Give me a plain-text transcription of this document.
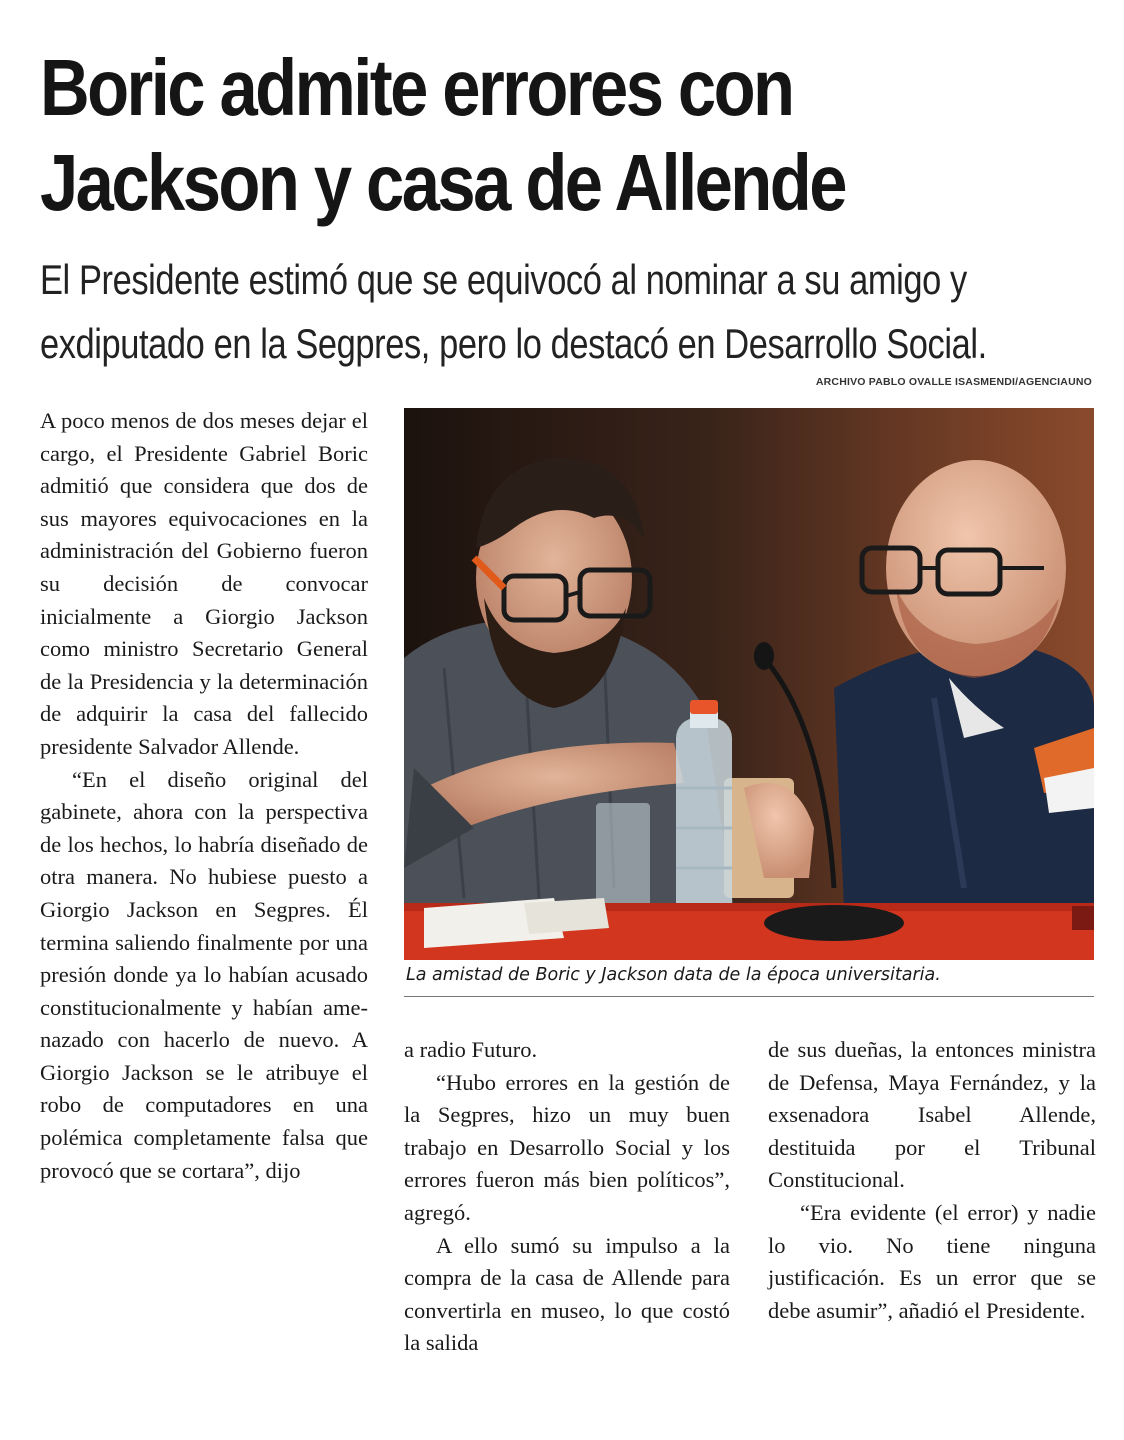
Boric admite errores con
Jackson y casa de Allende
El Presidente estimó que se equivocó al nominar a su amigo y
exdiputado en la Segpres, pero lo destacó en Desarrollo Social.
ARCHIVO PABLO OVALLE ISASMENDI/AGENCIAUNO

A poco menos de dos meses dejar el cargo, el Presidente Gabriel Boric admitió que considera que dos de sus mayores equivocaciones en la administración del Gobierno fueron su decisión de convocar inicialmente a Giorgio Jackson como ministro Secretario General de la Presidencia y la determinación de adquirir la casa del fallecido presidente Salvador Allende.

“En el diseño original del gabinete, ahora con la perspectiva de los hechos, lo habría diseñado de otra manera. No hubiese puesto a Giorgio Jackson en Segpres. Él termina saliendo finalmente por una presión donde ya lo habían acusado constitucionalmente y habían amenazado con hacerlo de nuevo. A Giorgio Jackson se le atribuye el robo de computadores en una polémica completamente falsa que provocó que se cortara”, dijo

La amistad de Boric y Jackson data de la época universitaria.

a radio Futuro.

“Hubo errores en la gestión de la Segpres, hizo un muy buen trabajo en Desarrollo Social y los errores fueron más bien políticos”, agregó.

A ello sumó su impulso a la compra de la casa de Allende para convertirla en museo, lo que costó la salida

de sus dueñas, la entonces ministra de Defensa, Maya Fernández, y la exsenadora Isabel Allende, destituida por el Tribunal Constitucional.

“Era evidente (el error) y nadie lo vio. No tiene ninguna justificación. Es un error que se debe asumir”, añadió el Presidente.
